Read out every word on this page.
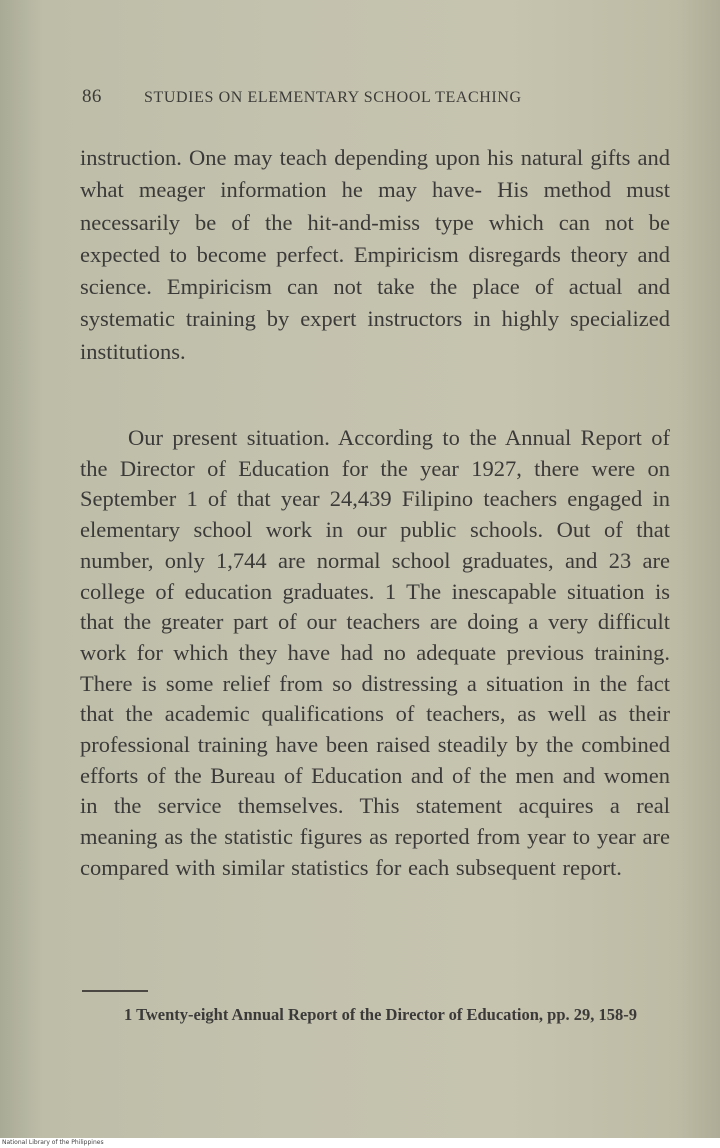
86	STUDIES ON ELEMENTARY SCHOOL TEACHING

instruction. One may teach depending upon his natural gifts and what meager information he may have- His method must necessarily be of the hit-and-miss type which can not be expected to become perfect. Empiricism disregards theory and science. Empiricism can not take the place of actual and systematic training by expert instructors in highly specialized institutions.

Our present situation. According to the Annual Report of the Director of Education for the year 1927, there were on September 1 of that year 24,439 Filipino teachers engaged in elementary school work in our public schools. Out of that number, only 1,744 are normal school graduates, and 23 are college of education graduates. 1 The inescapable situation is that the greater part of our teachers are doing a very difficult work for which they have had no adequate previous training. There is some relief from so distressing a situation in the fact that the academic qualifications of teachers, as well as their professional training have been raised steadily by the combined efforts of the Bureau of Education and of the men and women in the service themselves. This statement acquires a real meaning as the statistic figures as reported from year to year are compared with similar statistics for each subsequent report.

1 Twenty-eight Annual Report of the Director of Education, pp. 29, 158-9

National Library of the Philippines
